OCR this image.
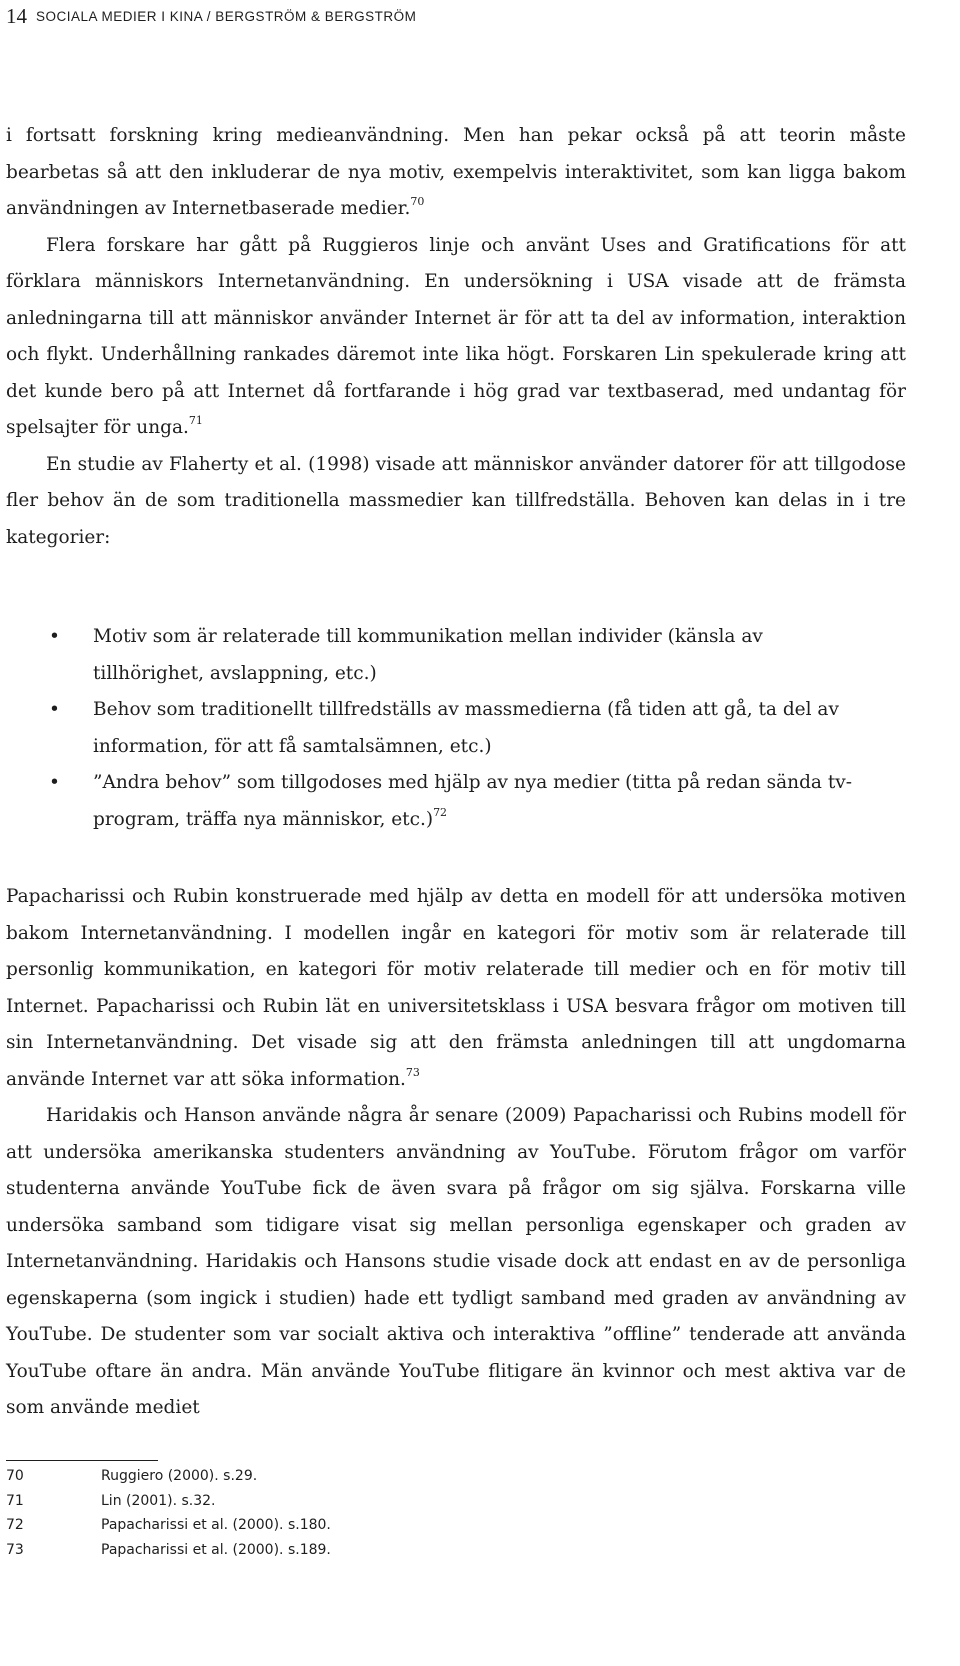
14 SOCIALA MEDIER I KINA / BERGSTRÖM & BERGSTRÖM

i fortsatt forskning kring medieanvändning. Men han pekar också på att teorin måste bearbetas så att den inkluderar de nya motiv, exempelvis interaktivitet, som kan ligga bakom användningen av Internetbaserade medier.$^{70}$

Flera forskare har gått på Ruggieros linje och använt Uses and Gratifications för att förklara människors Internetanvändning. En undersökning i USA visade att de främsta anledningarna till att människor använder Internet är för att ta del av information, interaktion och flykt. Underhållning rankades däremot inte lika högt. Forskaren Lin spekulerade kring att det kunde bero på att Internet då fortfarande i hög grad var textbaserad, med undantag för spelsajter för unga.$^{71}$

En studie av Flaherty et al. (1998) visade att människor använder datorer för att tillgodose fler behov än de som traditionella massmedier kan tillfredställa. Behoven kan delas in i tre kategorier:

• Motiv som är relaterade till kommunikation mellan individer (känsla av tillhörighet, avslappning, etc.)
• Behov som traditionellt tillfredställs av massmedierna (få tiden att gå, ta del av information, för att få samtalsämnen, etc.)
• ”Andra behov” som tillgodoses med hjälp av nya medier (titta på redan sända tv-program, träffa nya människor, etc.)$^{72}$

Papacharissi och Rubin konstruerade med hjälp av detta en modell för att undersöka motiven bakom Internetanvändning. I modellen ingår en kategori för motiv som är relaterade till personlig kommunikation, en kategori för motiv relaterade till medier och en för motiv till Internet. Papacharissi och Rubin lät en universitetsklass i USA besvara frågor om motiven till sin Internetanvändning. Det visade sig att den främsta anledningen till att ungdomarna använde Internet var att söka information.$^{73}$

Haridakis och Hanson använde några år senare (2009) Papacharissi och Rubins modell för att undersöka amerikanska studenters användning av YouTube. Förutom frågor om varför studenterna använde YouTube fick de även svara på frågor om sig själva. Forskarna ville undersöka samband som tidigare visat sig mellan personliga egenskaper och graden av Internetanvändning. Haridakis och Hansons studie visade dock att endast en av de personliga egenskaperna (som ingick i studien) hade ett tydligt samband med graden av användning av YouTube. De studenter som var socialt aktiva och interaktiva ”offline” tenderade att använda YouTube oftare än andra. Män använde YouTube flitigare än kvinnor och mest aktiva var de som använde mediet

70	Ruggiero (2000). s.29.
71	Lin (2001). s.32.
72	Papacharissi et al. (2000). s.180.
73	Papacharissi et al. (2000). s.189.
